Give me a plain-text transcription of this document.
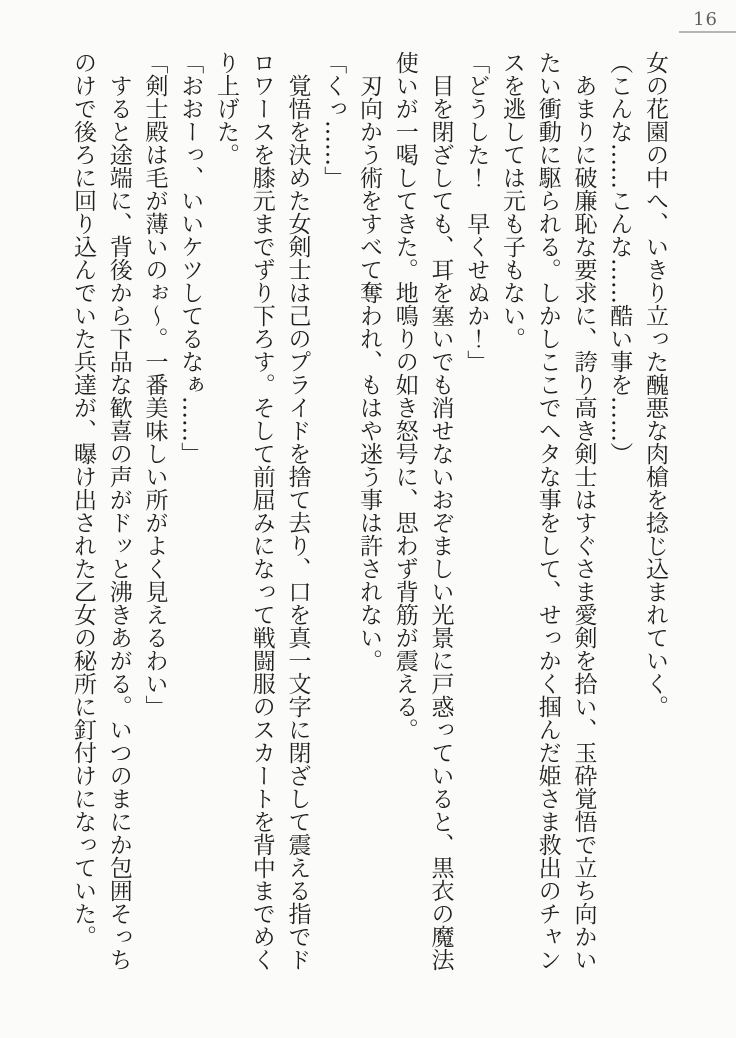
16
女の花園の中へ、いきり立った醜悪な肉槍を捻じ込まれていく。
（こんな……こんな……酷い事を……）
あまりに破廉恥な要求に、誇り高き剣士はすぐさま愛剣を拾い、玉砕覚悟で立ち向かいたい衝動に駆られる。しかしここでヘタな事をして、せっかく掴んだ姫さま救出のチャンスを逃しては元も子もない。
「どうした！　早くせぬか！」
目を閉ざしても、耳を塞いでも消せないおぞましい光景に戸惑っていると、黒衣の魔法使いが一喝してきた。地鳴りの如き怒号に、思わず背筋が震える。
刃向かう術をすべて奪われ、もはや迷う事は許されない。
「くっ……」
覚悟を決めた女剣士は己のプライドを捨て去り、口を真一文字に閉ざして震える指でドロワースを膝元までずり下ろす。そして前屈みになって戦闘服のスカートを背中までめくり上げた。
「おおーっ、いいケツしてるなぁ……」
「剣士殿は毛が薄いのぉ～。一番美味しい所がよく見えるわい」
すると途端に、背後から下品な歓喜の声がドッと沸きあがる。いつのまにか包囲そっちのけで後ろに回り込んでいた兵達が、曝け出された乙女の秘所に釘付けになっていた。
